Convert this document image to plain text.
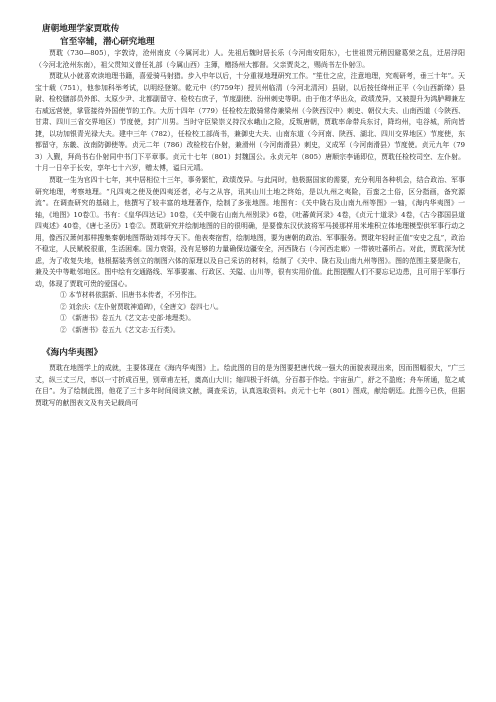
唐朝地理学家贾耽传

官至宰辅，潜心研究地理

贾耽（730—805），字敦诗，沧州南皮（今属河北）人。先祖后魏时居长乐（今河南安阳东），七世祖贯元稍因避葛荣之乱，迁居浮阳（今河北沧州东南），祖父贯知义曾任礼部（今属山西）主簿，赠扬州大都督。父亲贾炎之，赐尚书左仆射③。

贾耽从小就喜欢读地理书籍，喜爱骑马射猎。步入中年以后，十分重视地理研究工作。“笙仕之应，注意地理，究观研考，垂三十年”。天宝十载（751），他参加科举考试，以明经登第。乾元中（约759年）授贝州临清（今河北清河）县尉，以后按任绛州正平（今山西新绛）县尉、检校膳部员外郎、太原少尹、北都副留守、检校右庶子，节度副使、汾州刺史等职。由于他才华出众，政绩茂异，又被提升为鸿胪卿兼左右威远营使，掌管接待外国使节的工作。大历十四年（779）任检校左散骑常侍兼梁州（今陕西汉中）刺史、朝仪大夫、山南西道（今陕西、甘肃、四川三省交界地区）节度使，封广川男。当时守臣梁崇义持汉水峨山之险，反叛唐朝，贾耽率命带兵东讨，降均州，屯谷城，所向皆捷，以功加银青光禄大夫。建中三年（782），任检校工部尚书，兼御史大夫、山南东道（今河南、陕西、湖北、四川交界地区）节度使，东都留守，东畿、汝南防御使等。贞元二年（786）改检校右仆射，兼滑州（今河南滑县）刺史，义成军（今河南滑县）节度使。贞元九年（793）入觐，拜尚书右仆射同中书门下平章事。贞元十七年（801）封魏国公。永贞元年（805）唐顺宗李诵即位，贾耽任检校司空、左仆射。十月一日卒于长安，享年七十六岁，赠太傅，谥曰元靖。

贾耽一生为官四十七年，其中居相位十三年，事务繁忙，政绩茂异。与此同时，他极据国家的需要，充分利用各种机会，结合政治、军事研究地理，考察地理。“凡四夷之使及使四夷还者，必与之从容，讯其山川土地之终始，是以九州之夷险，百蛮之土俗，区分指画，备究源流”。在调查研究的基础上，他撰写了较丰富的地理著作，绘制了多张地图。地图有：《关中陇右及山南九州等图》一轴，《海内华夷图》一轴，《地图》10卷①。书有：《皇华四达记》10卷，《关中陇右山南九州别录》6卷，《吐蕃黄河录》4卷，《贞元十道录》4卷，《古今郡国县道四夷述》40卷，《唐七圣历》1卷②。贾耽研究并绘制地图的目的很明确，是要像东汉伏波将军马援那样用米堆积立体地理模型供军事行动之用，像西汉萧何那样搜集秦朝地图帮助刘邦夺天下。他表奏宿哲，绘制地图，要为唐朝的政治、军事服务。贾耽年轻时正值“安史之乱”，政治不稳定，人民赋税很重，生活困难。国力衰弱，没有足够的力量确保边疆安全，河西陇右（今河西走廊）一带被吐蕃所占。对此，贾耽深为忧虑，为了收复失地，他根据装秀创立的制图六体的原理以及自己采访的材料，绘制了《关中、陇右及山南九州等图》。图的范围主要是陇右，兼及关中等毗邻地区。图中绘有交通路线、军事要塞、行政区、关隘、山川等，很有实用价值。此图提醒人们不要忘记边患，且可用于军事行动，体现了贾耽可贵的爱国心。

① 本节材料依据新、旧唐书本传者，不另作注。

② 刘余庆:《左仆射贾耽神道碑》，《全唐文》卷四七八。

① 《新唐书》卷五九《艺文志·史部·地理类》。

② 《新唐书》卷五九《艺文志·五行类》。

《海内华夷图》

贾耽在地图学上的成就，主要体现在《海内华夷图》上。绘此图的目的是为图要把唐代统一强大的面貌表现出来，因而图幅很大，“广三丈，纵三丈三尺，率以一寸折成百里，别章甫左衽，奠高山大川；缩四极于纤缟，分百郡于作绘。宇宙虽广，舒之不盈庭；舟车所通，览之咸在目”。为了绘制此图，他花了三十多年时间阅读文献，调查采访，认真选取资料。贞元十七年（801）图成，献给朝廷。此图今已佚，但据贾耽写的献图表文及有关记载尚可
